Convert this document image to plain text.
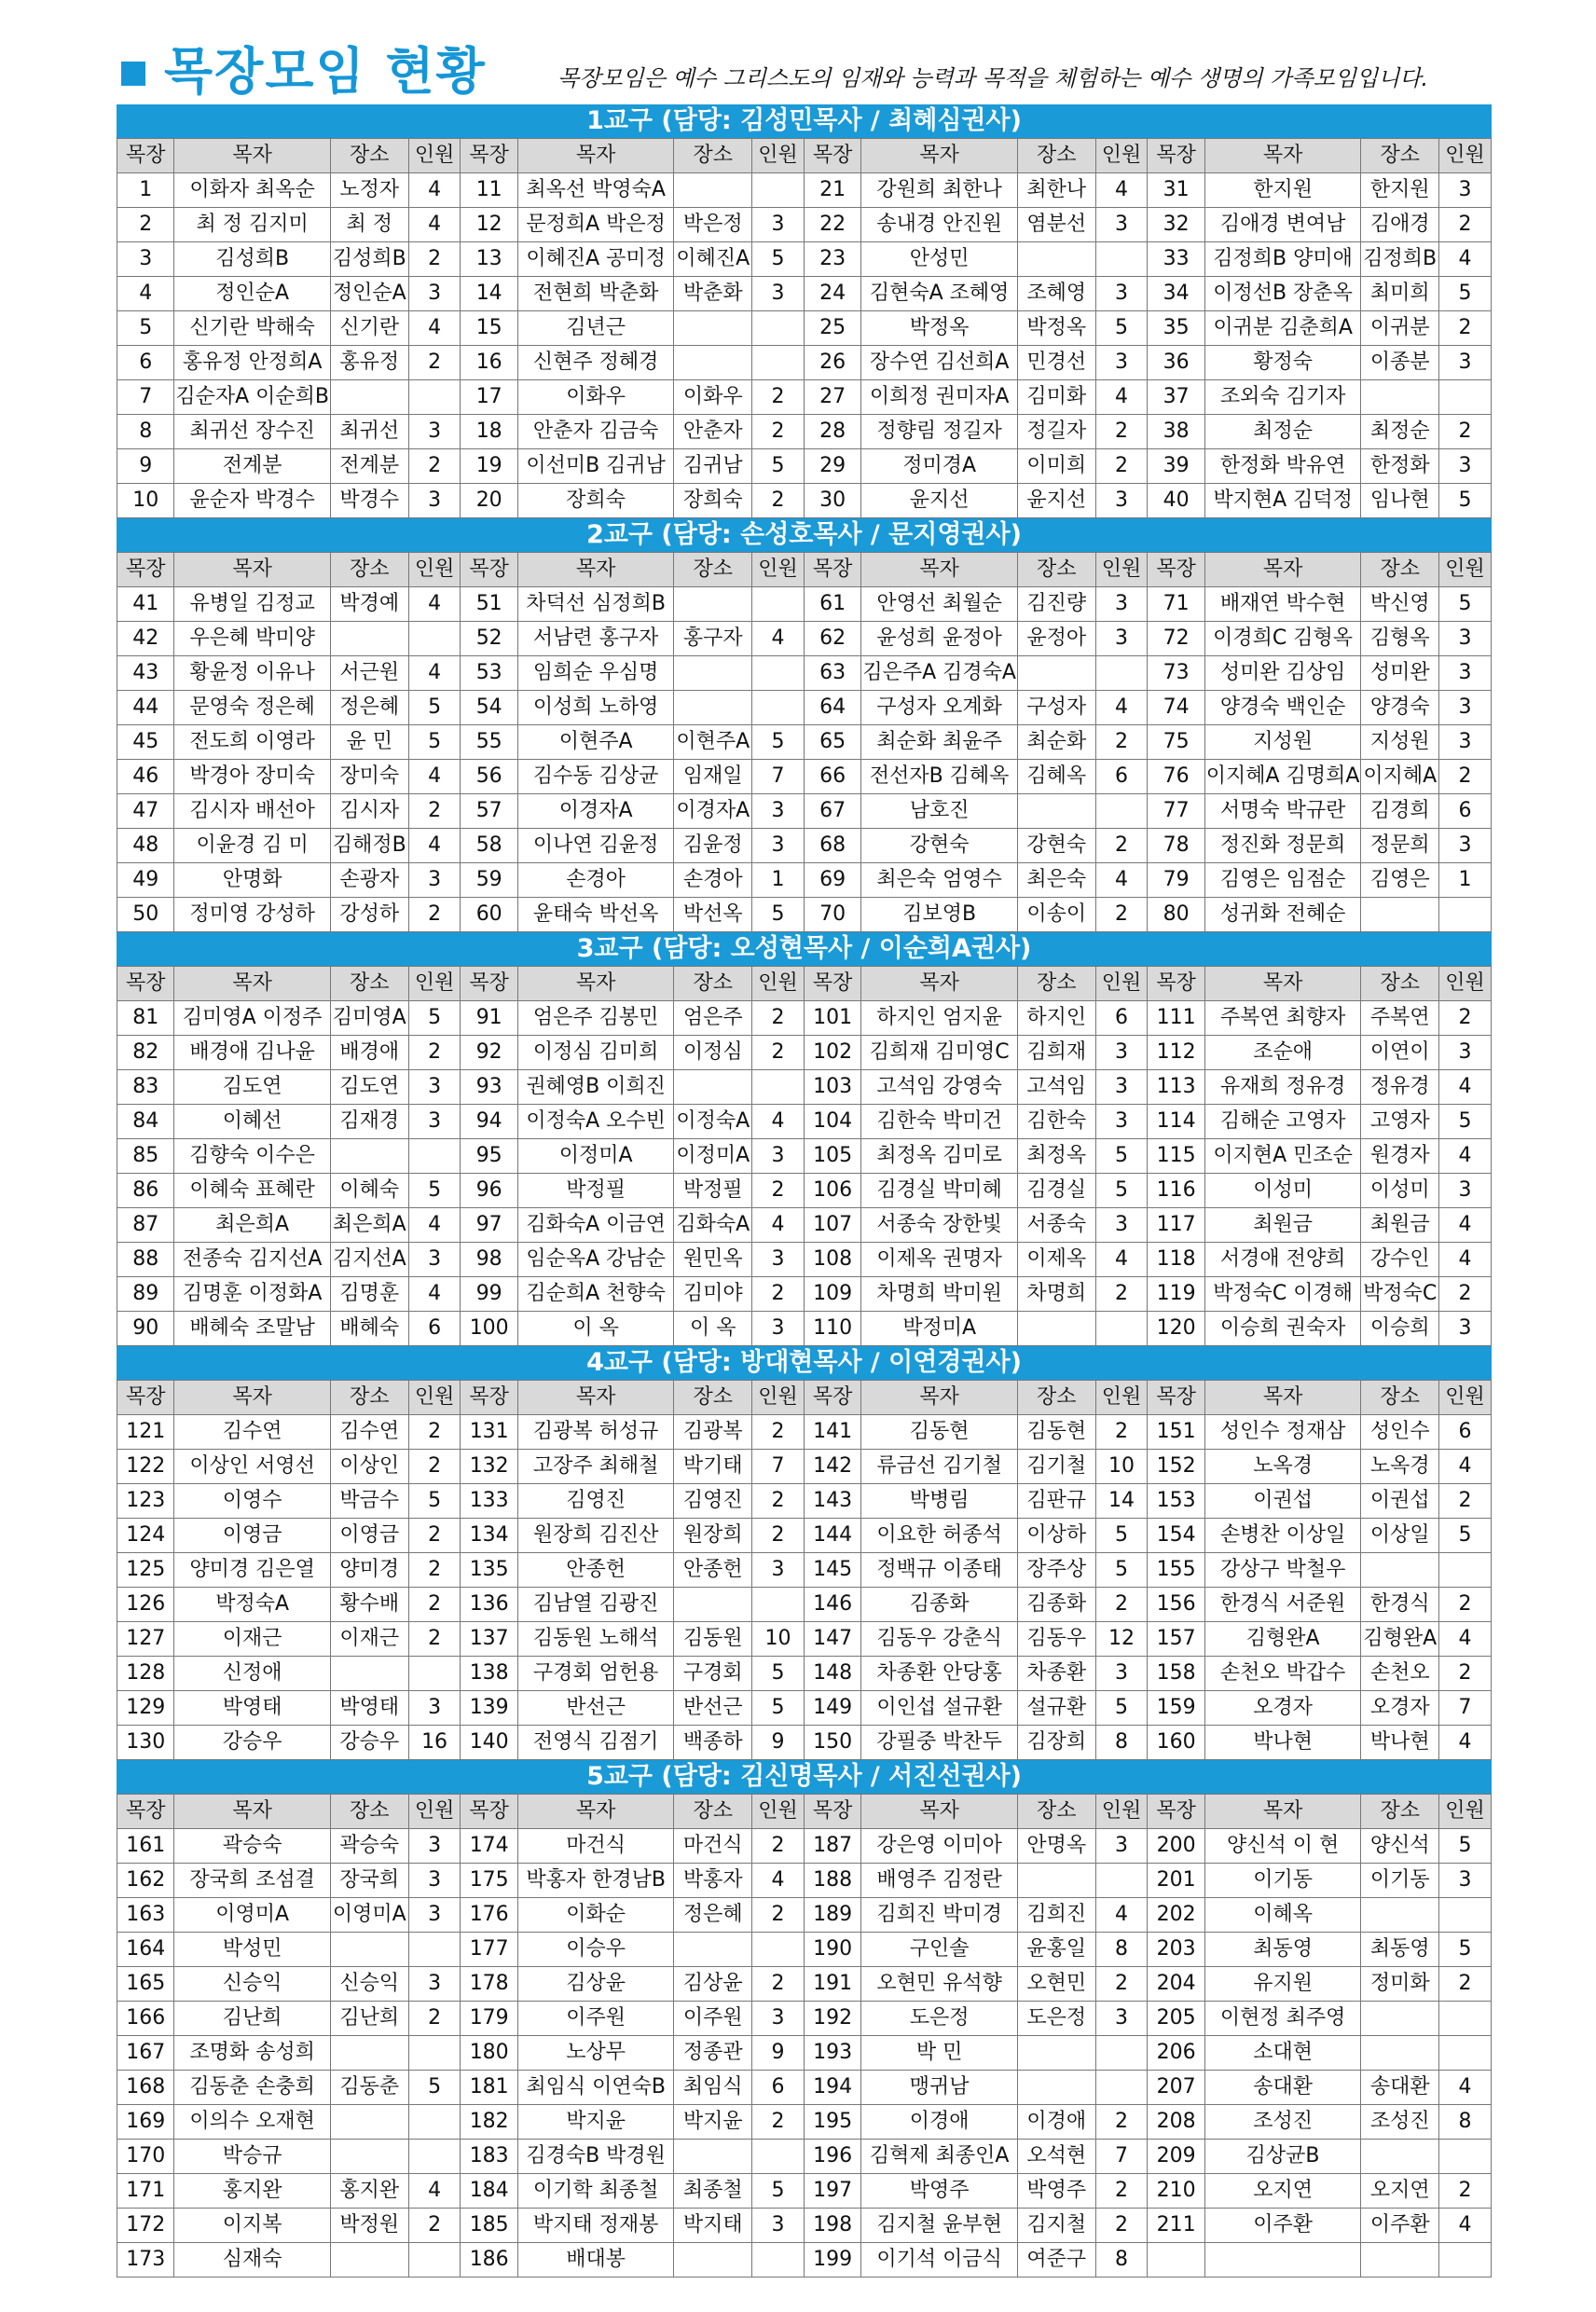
목장모임 현황	목장모임은 예수 그리스도의 임재와 능력과 목적을 체험하는 예수 생명의 가족모임입니다.
1교구 (담당: 김성민목사 / 최혜심권사)
목장	목자	장소	인원	목장	목자	장소	인원	목장	목자	장소	인원	목장	목자	장소	인원
1	이화자 최옥순	노정자	4	11	최옥선 박영숙A			21	강원희 최한나	최한나	4	31	한지원	한지원	3
2	최 정 김지미	최 정	4	12	문정희A 박은정	박은정	3	22	송내경 안진원	염분선	3	32	김애경 변여남	김애경	2
3	김성희B	김성희B	2	13	이혜진A 공미정	이혜진A	5	23	안성민			33	김정희B 양미애	김정희B	4
4	정인순A	정인순A	3	14	전현희 박춘화	박춘화	3	24	김현숙A 조혜영	조혜영	3	34	이정선B 장춘옥	최미희	5
5	신기란 박해숙	신기란	4	15	김년근			25	박정옥	박정옥	5	35	이귀분 김춘희A	이귀분	2
6	홍유정 안정희A	홍유정	2	16	신현주 정혜경			26	장수연 김선희A	민경선	3	36	황정숙	이종분	3
7	김순자A 이순희B			17	이화우	이화우	2	27	이희정 권미자A	김미화	4	37	조외숙 김기자		
8	최귀선 장수진	최귀선	3	18	안춘자 김금숙	안춘자	2	28	정향림 정길자	정길자	2	38	최정순	최정순	2
9	전계분	전계분	2	19	이선미B 김귀남	김귀남	5	29	정미경A	이미희	2	39	한정화 박유연	한정화	3
10	윤순자 박경수	박경수	3	20	장희숙	장희숙	2	30	윤지선	윤지선	3	40	박지현A 김덕정	임나현	5
2교구 (담당: 손성호목사 / 문지영권사)
목장	목자	장소	인원	목장	목자	장소	인원	목장	목자	장소	인원	목장	목자	장소	인원
41	유병일 김정교	박경예	4	51	차덕선 심정희B			61	안영선 최월순	김진량	3	71	배재연 박수현	박신영	5
42	우은혜 박미양			52	서남련 홍구자	홍구자	4	62	윤성희 윤정아	윤정아	3	72	이경희C 김형옥	김형옥	3
43	황윤정 이유나	서근원	4	53	임희순 우심명			63	김은주A 김경숙A			73	성미완 김상임	성미완	3
44	문영숙 정은혜	정은혜	5	54	이성희 노하영			64	구성자 오계화	구성자	4	74	양경숙 백인순	양경숙	3
45	전도희 이영라	윤 민	5	55	이현주A	이현주A	5	65	최순화 최윤주	최순화	2	75	지성원	지성원	3
46	박경아 장미숙	장미숙	4	56	김수동 김상균	임재일	7	66	전선자B 김혜옥	김혜옥	6	76	이지혜A 김명희A	이지혜A	2
47	김시자 배선아	김시자	2	57	이경자A	이경자A	3	67	남호진			77	서명숙 박규란	김경희	6
48	이윤경 김 미	김해정B	4	58	이나연 김윤정	김윤정	3	68	강현숙	강현숙	2	78	정진화 정문희	정문희	3
49	안명화	손광자	3	59	손경아	손경아	1	69	최은숙 엄영수	최은숙	4	79	김영은 임점순	김영은	1
50	정미영 강성하	강성하	2	60	윤태숙 박선옥	박선옥	5	70	김보영B	이송이	2	80	성귀화 전혜순		
3교구 (담당: 오성현목사 / 이순희A권사)
목장	목자	장소	인원	목장	목자	장소	인원	목장	목자	장소	인원	목장	목자	장소	인원
81	김미영A 이정주	김미영A	5	91	엄은주 김봉민	엄은주	2	101	하지인 엄지윤	하지인	6	111	주복연 최향자	주복연	2
82	배경애 김나윤	배경애	2	92	이정심 김미희	이정심	2	102	김희재 김미영C	김희재	3	112	조순애	이연이	3
83	김도연	김도연	3	93	권혜영B 이희진			103	고석임 강영숙	고석임	3	113	유재희 정유경	정유경	4
84	이혜선	김재경	3	94	이정숙A 오수빈	이정숙A	4	104	김한숙 박미건	김한숙	3	114	김해순 고영자	고영자	5
85	김향숙 이수은			95	이정미A	이정미A	3	105	최정옥 김미로	최정옥	5	115	이지현A 민조순	원경자	4
86	이혜숙 표혜란	이혜숙	5	96	박정필	박정필	2	106	김경실 박미혜	김경실	5	116	이성미	이성미	3
87	최은희A	최은희A	4	97	김화숙A 이금연	김화숙A	4	107	서종숙 장한빛	서종숙	3	117	최원금	최원금	4
88	전종숙 김지선A	김지선A	3	98	임순옥A 강남순	원민옥	3	108	이제옥 권명자	이제옥	4	118	서경애 전양희	강수인	4
89	김명훈 이정화A	김명훈	4	99	김순희A 천향숙	김미야	2	109	차명희 박미원	차명희	2	119	박정숙C 이경해	박정숙C	2
90	배혜숙 조말남	배혜숙	6	100	이 옥	이 옥	3	110	박정미A			120	이승희 권숙자	이승희	3
4교구 (담당: 방대현목사 / 이연경권사)
목장	목자	장소	인원	목장	목자	장소	인원	목장	목자	장소	인원	목장	목자	장소	인원
121	김수연	김수연	2	131	김광복 허성규	김광복	2	141	김동현	김동현	2	151	성인수 정재삼	성인수	6
122	이상인 서영선	이상인	2	132	고장주 최해철	박기태	7	142	류금선 김기철	김기철	10	152	노옥경	노옥경	4
123	이영수	박금수	5	133	김영진	김영진	2	143	박병림	김판규	14	153	이권섭	이권섭	2
124	이영금	이영금	2	134	원장희 김진산	원장희	2	144	이요한 허종석	이상하	5	154	손병찬 이상일	이상일	5
125	양미경 김은열	양미경	2	135	안종헌	안종헌	3	145	정백규 이종태	장주상	5	155	강상구 박철우		
126	박정숙A	황수배	2	136	김남열 김광진			146	김종화	김종화	2	156	한경식 서준원	한경식	2
127	이재근	이재근	2	137	김동원 노해석	김동원	10	147	김동우 강춘식	김동우	12	157	김형완A	김형완A	4
128	신정애			138	구경회 엄헌용	구경회	5	148	차종환 안당홍	차종환	3	158	손천오 박갑수	손천오	2
129	박영태	박영태	3	139	반선근	반선근	5	149	이인섭 설규환	설규환	5	159	오경자	오경자	7
130	강승우	강승우	16	140	전영식 김점기	백종하	9	150	강필중 박찬두	김장희	8	160	박나현	박나현	4
5교구 (담당: 김신명목사 / 서진선권사)
목장	목자	장소	인원	목장	목자	장소	인원	목장	목자	장소	인원	목장	목자	장소	인원
161	곽승숙	곽승숙	3	174	마건식	마건식	2	187	강은영 이미아	안명옥	3	200	양신석 이 현	양신석	5
162	장국희 조섬결	장국희	3	175	박홍자 한경남B	박홍자	4	188	배영주 김정란			201	이기동	이기동	3
163	이영미A	이영미A	3	176	이화순	정은혜	2	189	김희진 박미경	김희진	4	202	이혜옥		
164	박성민			177	이승우			190	구인솔	윤홍일	8	203	최동영	최동영	5
165	신승익	신승익	3	178	김상윤	김상윤	2	191	오현민 유석향	오현민	2	204	유지원	정미화	2
166	김난희	김난희	2	179	이주원	이주원	3	192	도은정	도은정	3	205	이현정 최주영		
167	조명화 송성희			180	노상무	정종관	9	193	박 민			206	소대현		
168	김동춘 손충희	김동춘	5	181	최임식 이연숙B	최임식	6	194	맹귀남			207	송대환	송대환	4
169	이의수 오재현			182	박지윤	박지윤	2	195	이경애	이경애	2	208	조성진	조성진	8
170	박승규			183	김경숙B 박경원			196	김혁제 최종인A	오석현	7	209	김상균B		
171	홍지완	홍지완	4	184	이기학 최종철	최종철	5	197	박영주	박영주	2	210	오지연	오지연	2
172	이지복	박정원	2	185	박지태 정재봉	박지태	3	198	김지철 윤부현	김지철	2	211	이주환	이주환	4
173	심재숙			186	배대봉			199	이기석 이금식	여준구	8				
